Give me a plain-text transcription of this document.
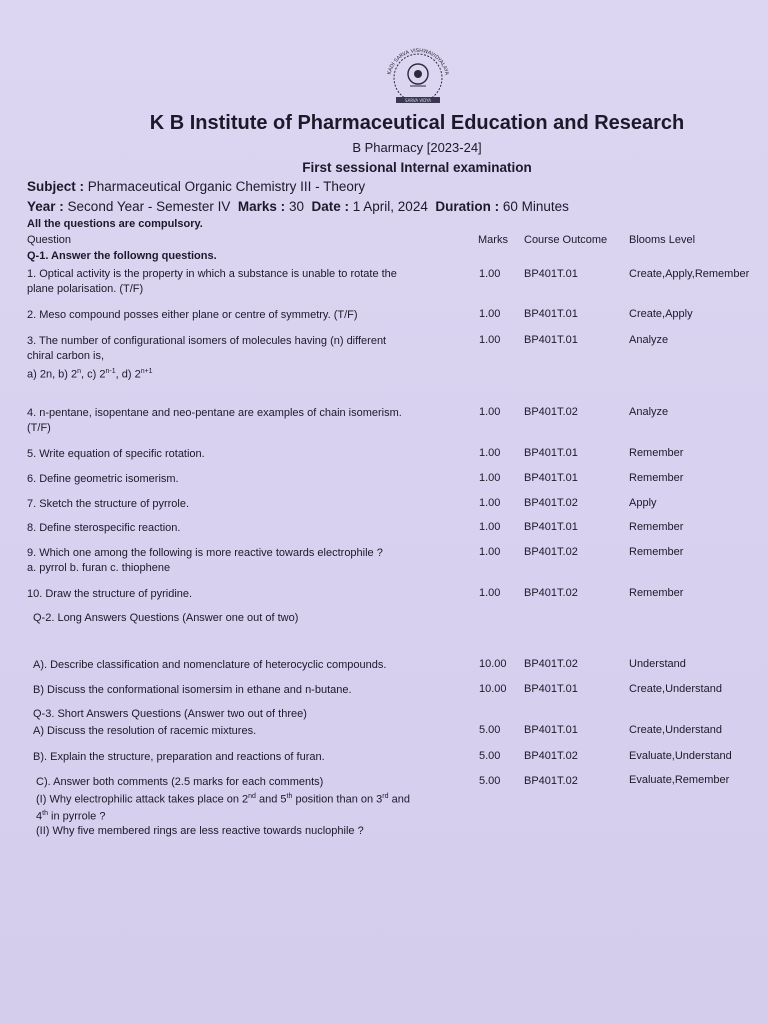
KADI SARVA VISHWAVIDYALAYA
SARVA VIDYA
K B Institute of Pharmaceutical Education and Research
B Pharmacy [2023-24]
First sessional Internal examination
Subject : Pharmaceutical Organic Chemistry III - Theory
Year : Second Year - Semester IV Marks : 30 Date : 1 April, 2024 Duration : 60 Minutes
All the questions are compulsory.
Question	Marks Course Outcome Blooms Level
Q-1. Answer the followng questions.
1. Optical activity is the property in which a substance is unable to rotate the
plane polarisation. (T/F)
1.00 BP401T.01	Create,Apply,Remember
2. Meso compound posses either plane or centre of symmetry. (T/F)	1.00 BP401T.01	Create,Apply
3. The number of configurational isomers of molecules having (n) different
chiral carbon is,
a) 2n, b) 2$^n$, c) 2$^{n-1}$, d) $2^{n+1}$
1.00 BP401T.01	Analyze
4. n-pentane, isopentane and neo-pentane are examples of chain isomerism.
(T/F)
1.00 BP401T.02	Analyze
5. Write equation of specific rotation.	1.00 BP401T.01	Remember
6. Define geometric isomerism.	1.00 BP401T.01	Remember
7. Sketch the structure of pyrrole.	1.00 BP401T.02	Apply
8. Define sterospecific reaction.	1.00 BP401T.01	Remember
9. Which one among the following is more reactive towards electrophile ?
a. pyrrol b. furan c. thiophene
1.00 BP401T.02	Remember
10. Draw the structure of pyridine.	1.00 BP401T.02	Remember
Q-2. Long Answers Questions (Answer one out of two)
A). Describe classification and nomenclature of heterocyclic compounds.	10.00 BP401T.02	Understand
B) Discuss the conformational isomersim in ethane and n-butane.	10.00 BP401T.01	Create,Understand
Q-3. Short Answers Questions (Answer two out of three)
A) Discuss the resolution of racemic mixtures.	5.00 BP401T.01	Create,Understand
B). Explain the structure, preparation and reactions of furan.	5.00 BP401T.02	Evaluate,Understand
C). Answer both comments (2.5 marks for each comments)
(I) Why electrophilic attack takes place on 2nd and 5th position than on 3rd and
4th in pyrrole ?
(II) Why five membered rings are less reactive towards nuclophile ?
5.00 BP401T.02	Evaluate,Remember
